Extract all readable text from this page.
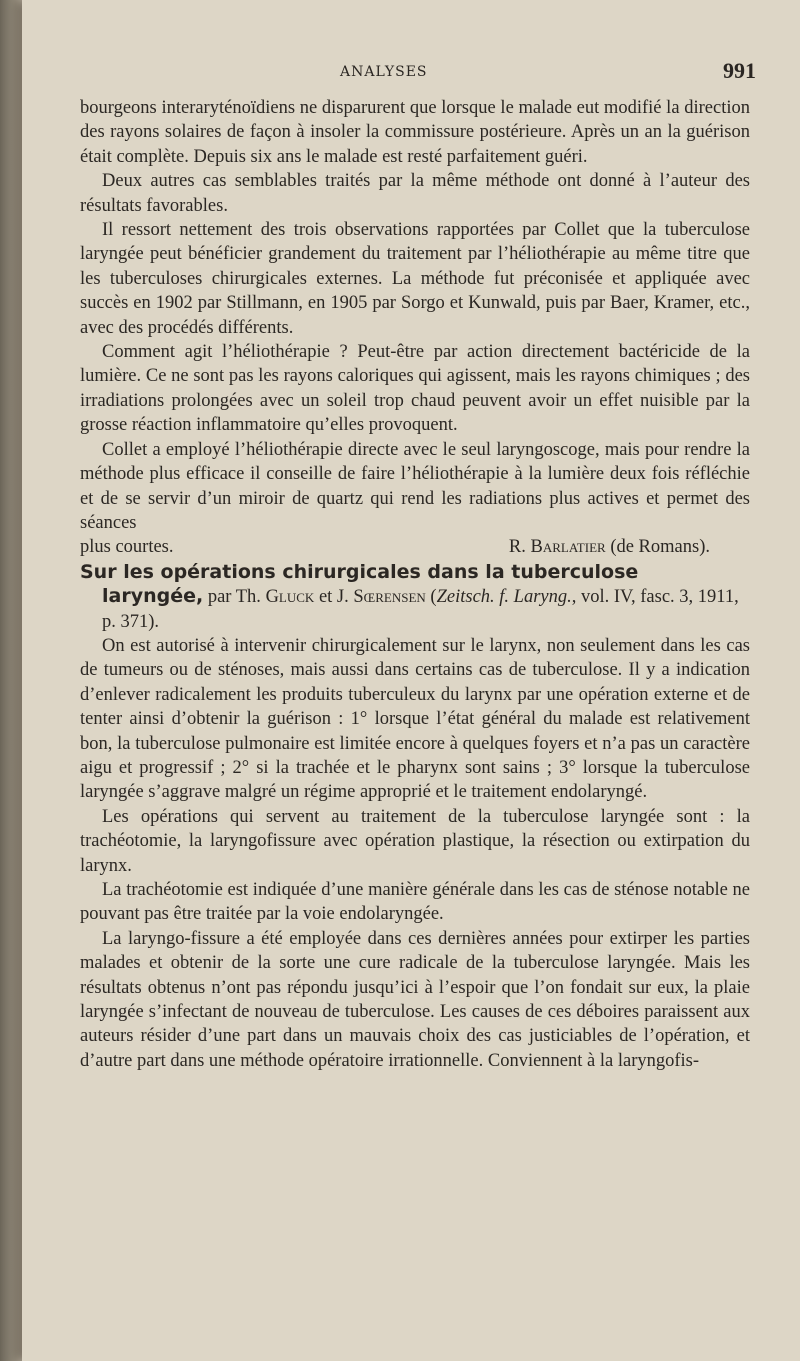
ANALYSES	991

bourgeons interaryténoïdiens ne disparurent que lorsque le malade eut modifié la direction des rayons solaires de façon à insoler la commissure postérieure. Après un an la guérison était complète. Depuis six ans le malade est resté parfaitement guéri.

Deux autres cas semblables traités par la même méthode ont donné à l’auteur des résultats favorables.

Il ressort nettement des trois observations rapportées par Collet que la tuberculose laryngée peut bénéficier grandement du traitement par l’héliothérapie au même titre que les tuberculoses chirurgicales externes. La méthode fut préconisée et appliquée avec succès en 1902 par Stillmann, en 1905 par Sorgo et Kunwald, puis par Baer, Kramer, etc., avec des procédés différents.

Comment agit l’héliothérapie ? Peut-être par action directement bactéricide de la lumière. Ce ne sont pas les rayons caloriques qui agissent, mais les rayons chimiques ; des irradiations prolongées avec un soleil trop chaud peuvent avoir un effet nuisible par la grosse réaction inflammatoire qu’elles provoquent.

Collet a employé l’héliothérapie directe avec le seul laryngoscoge, mais pour rendre la méthode plus efficace il conseille de faire l’héliothérapie à la lumière deux fois réfléchie et de se servir d’un miroir de quartz qui rend les radiations plus actives et permet des séances

plus courtes.	R. Barlatier (de Romans).
Sur les opérations chirurgicales dans la tuberculose
laryngée, par Th. Gluck et J. Sœrensen (Zeitsch. f. Laryng., vol. IV, fasc. 3, 1911, p. 371).

On est autorisé à intervenir chirurgicalement sur le larynx, non seulement dans les cas de tumeurs ou de sténoses, mais aussi dans certains cas de tuberculose. Il y a indication d’enlever radicalement les produits tuberculeux du larynx par une opération externe et de tenter ainsi d’obtenir la guérison : 1° lorsque l’état général du malade est relativement bon, la tuberculose pulmonaire est limitée encore à quelques foyers et n’a pas un caractère aigu et progressif ; 2° si la trachée et le pharynx sont sains ; 3° lorsque la tuberculose laryngée s’aggrave malgré un régime approprié et le traitement endolaryngé.

Les opérations qui servent au traitement de la tuberculose laryngée sont : la trachéotomie, la laryngofissure avec opération plastique, la résection ou extirpation du larynx.

La trachéotomie est indiquée d’une manière générale dans les cas de sténose notable ne pouvant pas être traitée par la voie endolaryngée.

La laryngo-fissure a été employée dans ces dernières années pour extirper les parties malades et obtenir de la sorte une cure radicale de la tuberculose laryngée. Mais les résultats obtenus n’ont pas répondu jusqu’ici à l’espoir que l’on fondait sur eux, la plaie laryngée s’infectant de nouveau de tuberculose. Les causes de ces déboires paraissent aux auteurs résider d’une part dans un mauvais choix des cas justiciables de l’opération, et d’autre part dans une méthode opératoire irrationnelle. Conviennent à la laryngofis-
